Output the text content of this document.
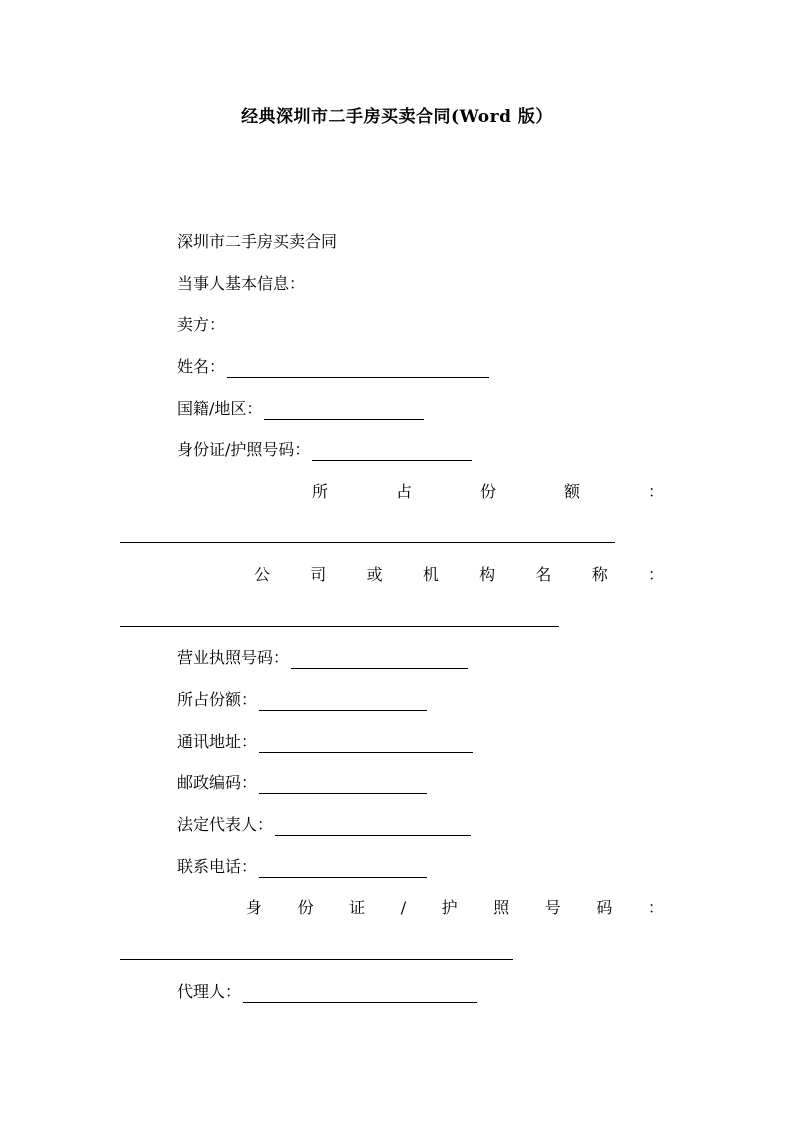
经典深圳市二手房买卖合同(Word 版）
深圳市二手房买卖合同
当事人基本信息：
卖方：
姓名：
国籍/地区：
身份证/护照号码：
所	占	份	额	：
公	司	或	机	构	名	称	：
营业执照号码：
所占份额：
通讯地址：
邮政编码：
法定代表人：
联系电话：
身 份 证 / 护 照 号 码 ：
代理人：
